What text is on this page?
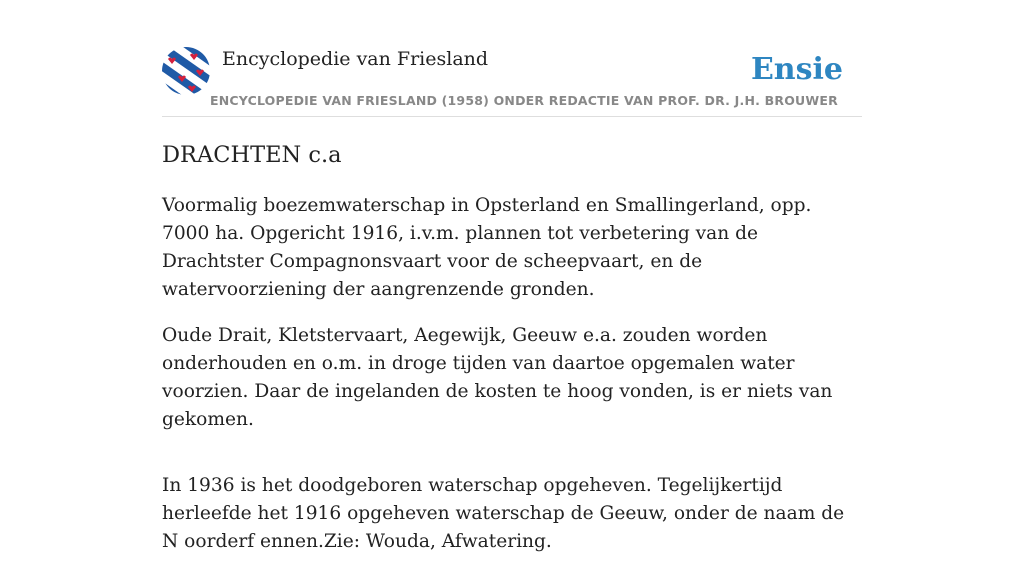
Encyclopedie van Friesland
ENCYCLOPEDIE VAN FRIESLAND (1958) ONDER REDACTIE VAN PROF. DR. J.H. BROUWER
Ensie
DRACHTEN c.a

Voormalig boezemwaterschap in Opsterland en Smallingerland, opp. 7000 ha. Opgericht 1916, i.v.m. plannen tot verbetering van de Drachtster Compagnonsvaart voor de scheepvaart, en de watervoorziening der aangrenzende gronden.

Oude Drait, Kletstervaart, Aegewijk, Geeuw e.a. zouden worden onderhouden en o.m. in droge tijden van daartoe opgemalen water voorzien. Daar de ingelanden de kosten te hoog vonden, is er niets van gekomen.

In 1936 is het doodgeboren waterschap opgeheven. Tegelijkertijd herleefde het 1916 opgeheven waterschap de Geeuw, onder de naam de N oorderf ennen.Zie: Wouda, Afwatering.
